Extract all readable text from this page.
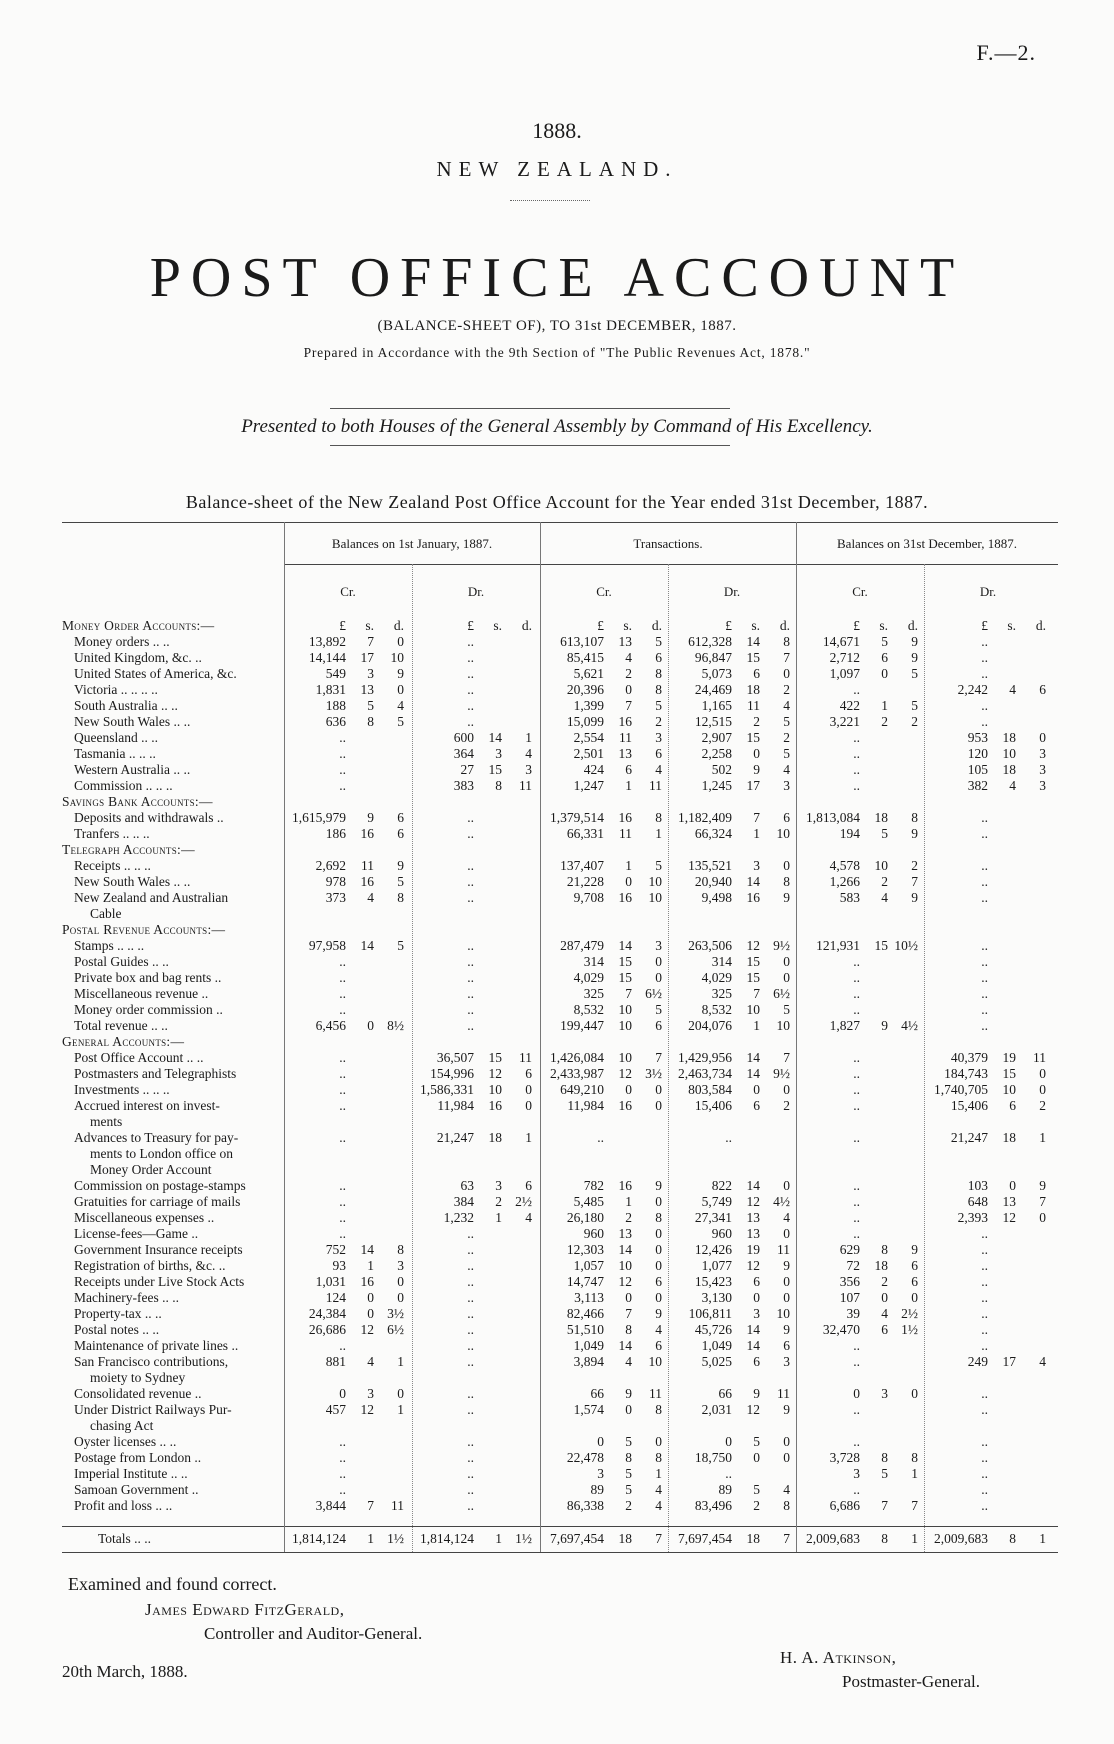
F.—2.
1888.
NEW ZEALAND.
POST OFFICE ACCOUNT
(BALANCE-SHEET OF), TO 31st DECEMBER, 1887.
Prepared in Accordance with the 9th Section of "The Public Revenues Act, 1878."
Presented to both Houses of the General Assembly by Command of His Excellency.
Balance-sheet of the New Zealand Post Office Account for the Year ended 31st December, 1887.
Balances on 1st January, 1887.	Transactions.	Balances on 31st December, 1887.
Cr.	Dr.	Cr.	Dr.	Cr.	Dr.
Money Order Accounts:—	£	s.	d.	£	s.	d.	£	s.	d.	£	s.	d.	£	s.	d.	£	s.	d.
Money orders .. ..	13,892	7	0	..	613,107	13	5	612,328	14	8	14,671	5	9	..
United Kingdom, &c. ..	14,144	17	10	..	85,415	4	6	96,847	15	7	2,712	6	9	..
United States of America, &c.	549	3	9	..	5,621	2	8	5,073	6	0	1,097	0	5	..
Victoria .. .. .. ..	1,831	13	0	..	20,396	0	8	24,469	18	2	..	2,242	4	6
South Australia .. ..	188	5	4	..	1,399	7	5	1,165	11	4	422	1	5	..
New South Wales .. ..	636	8	5	..	15,099	16	2	12,515	2	5	3,221	2	2	..
Queensland .. ..	..	600	14	1	2,554	11	3	2,907	15	2	..	953	18	0
Tasmania .. .. ..	..	364	3	4	2,501	13	6	2,258	0	5	..	120	10	3
Western Australia .. ..	..	27	15	3	424	6	4	502	9	4	..	105	18	3
Commission .. .. ..	..	383	8	11	1,247	1	11	1,245	17	3	..	382	4	3
Savings Bank Accounts:—
Deposits and withdrawals ..	1,615,979	9	6	..	1,379,514	16	8	1,182,409	7	6	1,813,084	18	8	..
Tranfers .. .. ..	186	16	6	..	66,331	11	1	66,324	1	10	194	5	9	..
Telegraph Accounts:—
Receipts .. .. ..	2,692	11	9	..	137,407	1	5	135,521	3	0	4,578	10	2	..
New South Wales .. ..	978	16	5	..	21,228	0	10	20,940	14	8	1,266	2	7	..
New Zealand and Australian	373	4	8	..	9,708	16	10	9,498	16	9	583	4	9	..
Cable
Postal Revenue Accounts:—
Stamps .. .. ..	97,958	14	5	..	287,479	14	3	263,506	12 9½	121,931	15 10½	..
Postal Guides .. ..	..	..	314	15	0	314	15	0	..	..
Private box and bag rents ..	..	..	4,029	15	0	4,029	15	0	..	..
Miscellaneous revenue ..	..	..	325	7 6½	325	7 6½	..	..
Money order commission ..	..	..	8,532	10	5	8,532	10	5	..	..
Total revenue .. ..	6,456	0 8½	..	199,447	10	6	204,076	1	10	1,827	9 4½	..
General Accounts:—
Post Office Account .. ..	..	36,507	15	11	1,426,084	10	7	1,429,956	14	7	..	40,379	19	11
Postmasters and Telegraphists	..	154,996	12	6	2,433,987	12 3½	2,463,734	14 9½	..	184,743	15	0
Investments .. .. ..	..	1,586,331	10	0	649,210	0	0	803,584	0	0	..	1,740,705	10	0
Accrued interest on invest-	..	11,984	16	0	11,984	16	0	15,406	6	2	..	15,406	6	2
ments
Advances to Treasury for pay-	..	21,247	18	1	..	..	..	21,247	18	1
ments to London office on
Money Order Account
Commission on postage-stamps	..	63	3	6	782	16	9	822	14	0	..	103	0	9
Gratuities for carriage of mails	..	384	2 2½	5,485	1	0	5,749	12 4½	..	648	13	7
Miscellaneous expenses ..	..	1,232	1	4	26,180	2	8	27,341	13	4	..	2,393	12	0
License-fees—Game ..	..	..	960	13	0	960	13	0	..	..
Government Insurance receipts	752	14	8	..	12,303	14	0	12,426	19	11	629	8	9	..
Registration of births, &c. ..	93	1	3	..	1,057	10	0	1,077	12	9	72	18	6	..
Receipts under Live Stock Acts	1,031	16	0	..	14,747	12	6	15,423	6	0	356	2	6	..
Machinery-fees .. ..	124	0	0	..	3,113	0	0	3,130	0	0	107	0	0	..
Property-tax .. ..	24,384	0 3½	..	82,466	7	9	106,811	3	10	39	4 2½	..
Postal notes .. ..	26,686	12 6½	..	51,510	8	4	45,726	14	9	32,470	6 1½	..
Maintenance of private lines ..	..	..	1,049	14	6	1,049	14	6	..	..
San Francisco contributions,	881	4	1	..	3,894	4	10	5,025	6	3	..	249	17	4
moiety to Sydney
Consolidated revenue ..	0	3	0	..	66	9	11	66	9	11	0	3	0	..
Under District Railways Pur-	457	12	1	..	1,574	0	8	2,031	12	9	..	..
chasing Act
Oyster licenses .. ..	..	..	0	5	0	0	5	0	..	..
Postage from London ..	..	..	22,478	8	8	18,750	0	0	3,728	8	8	..
Imperial Institute .. ..	..	..	3	5	1	..	3	5	1	..
Samoan Government ..	..	..	89	5	4	89	5	4	..	..
Profit and loss .. ..	3,844	7	11	..	86,338	2	4	83,496	2	8	6,686	7	7	..
Totals .. ..	1,814,124	1 1½	1,814,124	1 1½	7,697,454	18	7	7,697,454	18	7	2,009,683	8	1	2,009,683	8	1
Examined and found correct.
James Edward FitzGerald,
Controller and Auditor-General.
20th March, 1888.
H. A. Atkinson,
Postmaster-General.
